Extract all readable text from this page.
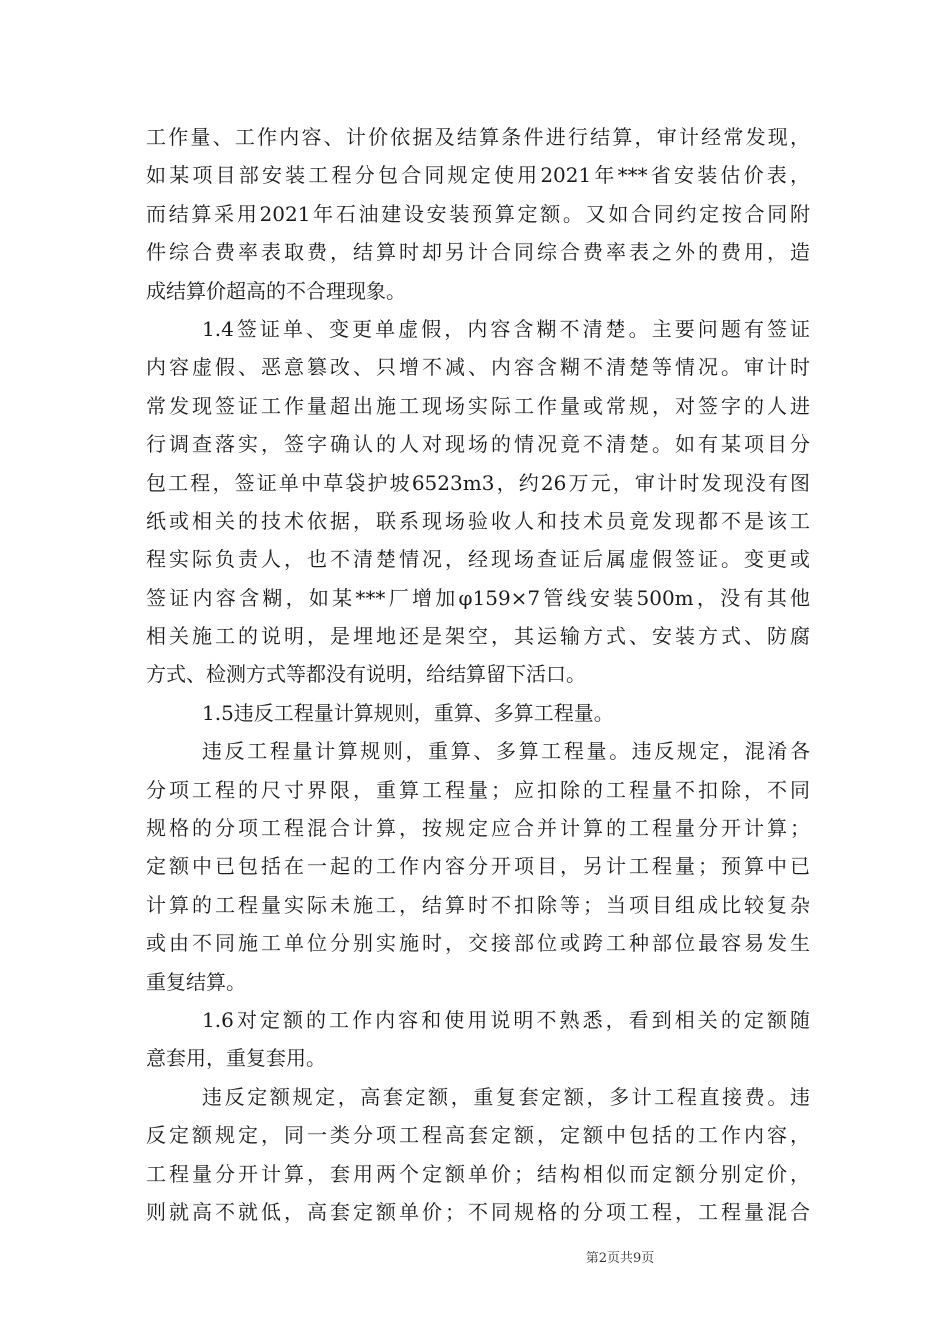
工作量、工作内容、计价依据及结算条件进行结算，审计经常发现，
如某项目部安装工程分包合同规定使用2021年***省安装估价表，
而结算采用2021年石油建设安装预算定额。又如合同约定按合同附
件综合费率表取费，结算时却另计合同综合费率表之外的费用，造
成结算价超高的不合理现象。
1.4签证单、变更单虚假，内容含糊不清楚。主要问题有签证
内容虚假、恶意篡改、只增不减、内容含糊不清楚等情况。审计时
常发现签证工作量超出施工现场实际工作量或常规，对签字的人进
行调查落实，签字确认的人对现场的情况竟不清楚。如有某项目分
包工程，签证单中草袋护坡6523m3，约26万元，审计时发现没有图
纸或相关的技术依据，联系现场验收人和技术员竟发现都不是该工
程实际负责人，也不清楚情况，经现场查证后属虚假签证。变更或
签证内容含糊，如某***厂增加φ159×7管线安装500m，没有其他
相关施工的说明，是埋地还是架空，其运输方式、安装方式、防腐
方式、检测方式等都没有说明，给结算留下活口。
1.5违反工程量计算规则，重算、多算工程量。
违反工程量计算规则，重算、多算工程量。违反规定，混淆各
分项工程的尺寸界限，重算工程量；应扣除的工程量不扣除，不同
规格的分项工程混合计算，按规定应合并计算的工程量分开计算；
定额中已包括在一起的工作内容分开项目，另计工程量；预算中已
计算的工程量实际未施工，结算时不扣除等；当项目组成比较复杂
或由不同施工单位分别实施时，交接部位或跨工种部位最容易发生
重复结算。
1.6对定额的工作内容和使用说明不熟悉，看到相关的定额随
意套用，重复套用。
违反定额规定，高套定额，重复套定额，多计工程直接费。违
反定额规定，同一类分项工程高套定额，定额中包括的工作内容，
工程量分开计算，套用两个定额单价；结构相似而定额分别定价，
则就高不就低，高套定额单价；不同规格的分项工程，工程量混合
第2页共9页
